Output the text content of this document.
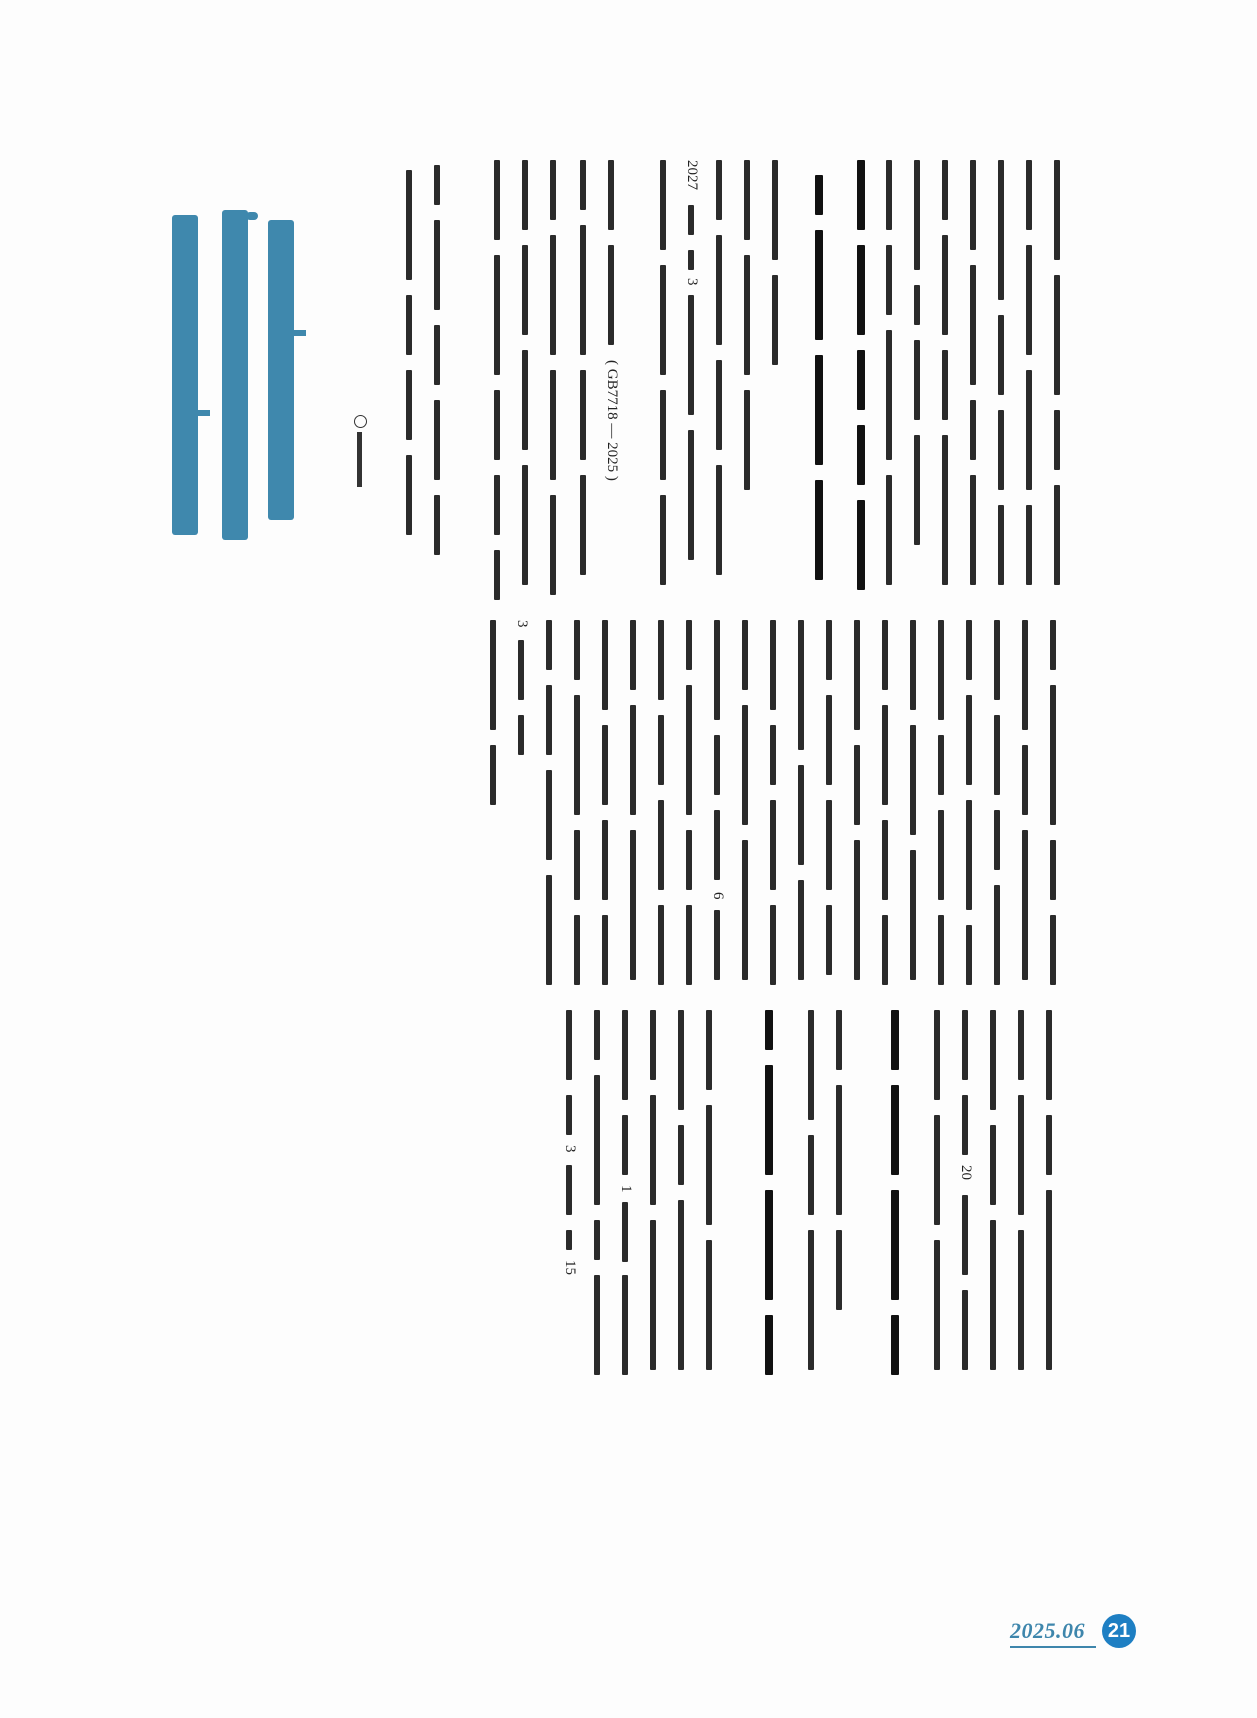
( GB7718 — 2025 )
2027
3
3
6
3
15
1
20
2025.06 21
